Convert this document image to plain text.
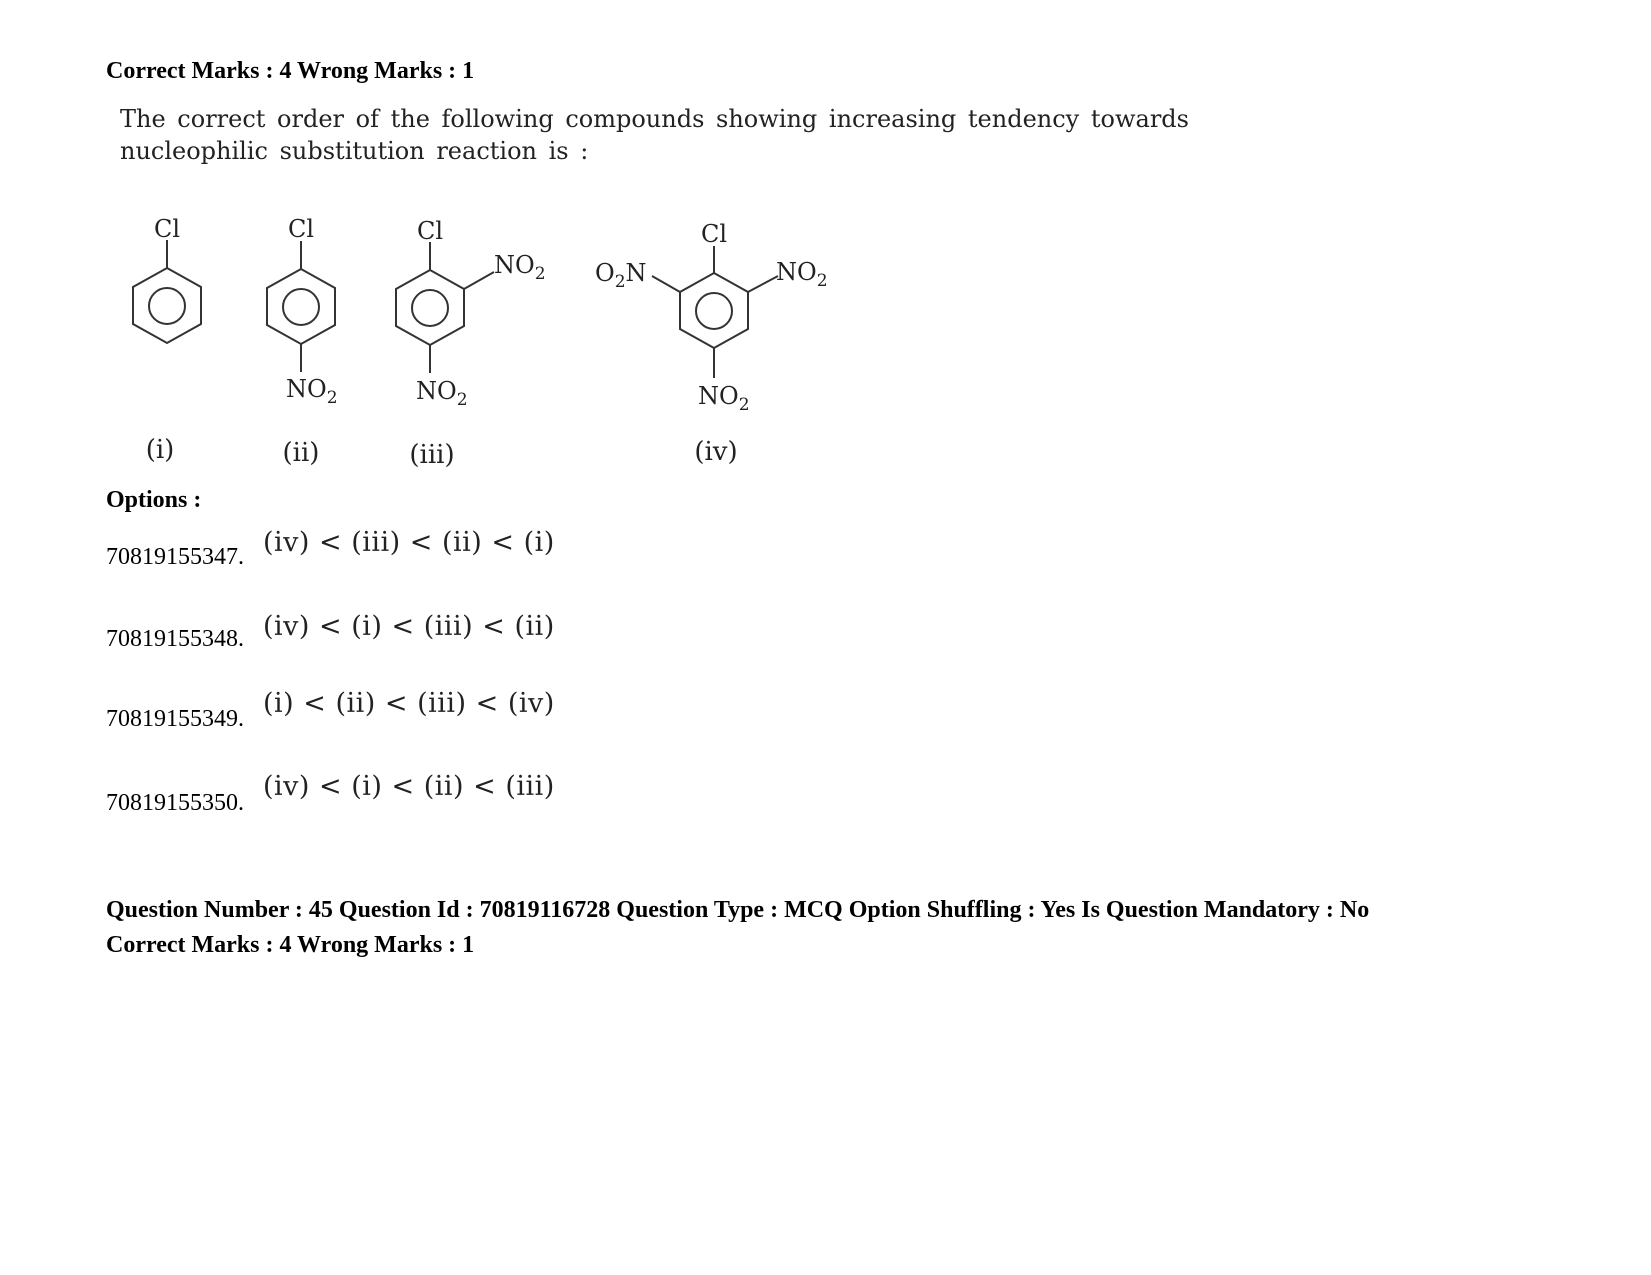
Correct Marks : 4 Wrong Marks : 1
The correct order of the following compounds showing increasing tendency towards
nucleophilic substitution reaction is :
Cl	Cl
$NO_2$
Cl
$NO_2$
$NO_2$
Cl
$NO_2$
$NO_2$
$O_2N$
(i)	(ii)	(iii)	(iv)
Options :
70819155347. (iv) < (iii) < (ii) < (i)
70819155348. (iv) < (i) < (iii) < (ii)
70819155349. (i) < (ii) < (iii) < (iv)
70819155350.
(iv) < (i) < (ii) < (iii)
Question Number : 45 Question Id : 70819116728 Question Type : MCQ Option Shuffling : Yes Is Question Mandatory : No
Correct Marks : 4 Wrong Marks : 1
